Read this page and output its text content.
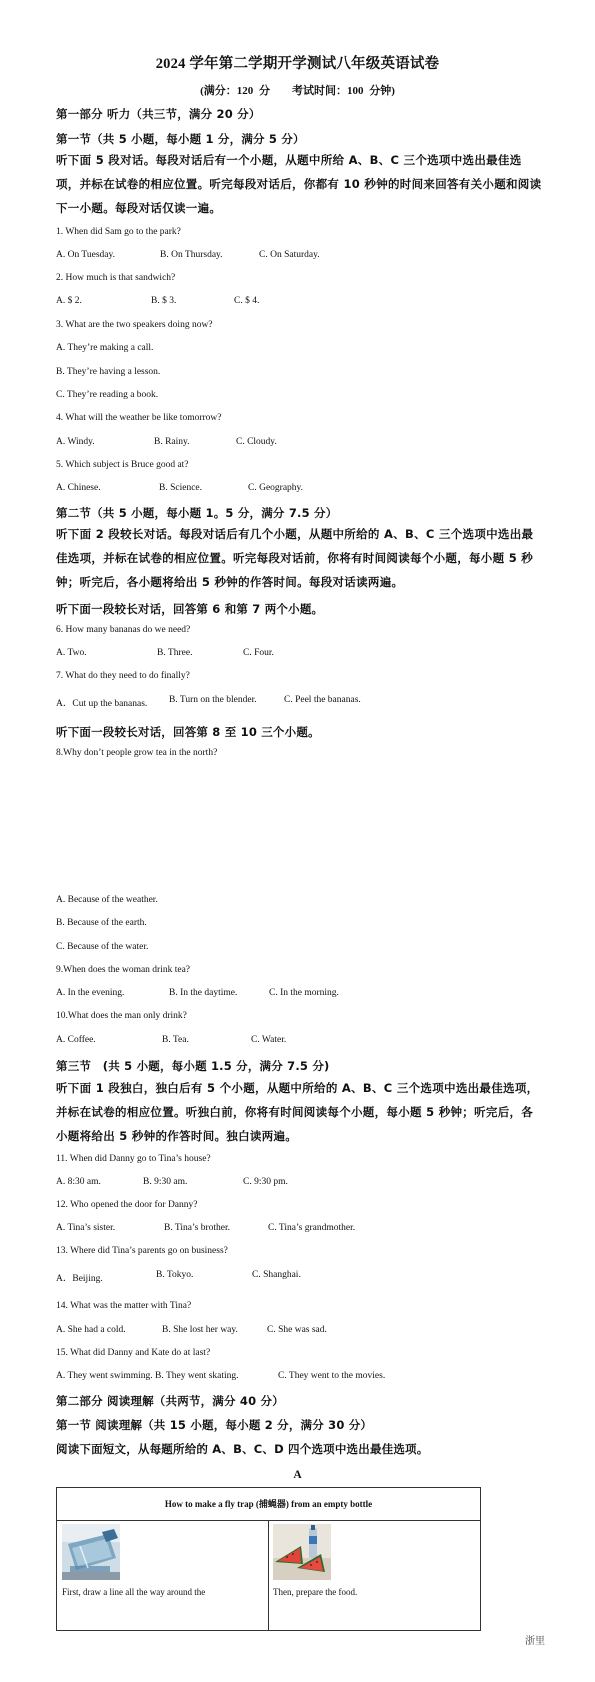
2024 学年第二学期开学测试八年级英语试卷
(满分：120 分　　考试时间：100 分钟)
第一部分 听力（共三节，满分 20 分）
第一节（共 5 小题，每小题 1 分，满分 5 分）
听下面 5 段对话。每段对话后有一个小题，从题中所给 A、B、C 三个选项中选出最佳选项，并标在试卷的相应位置。听完每段对话后，你都有 10 秒钟的时间来回答有关小题和阅读下一小题。每段对话仅读一遍。
1. When did Sam go to the park?
A. On Tuesday.	B. On Thursday.	C. On Saturday.
2. How much is that sandwich?
A. $ 2.	B. $ 3.	C. $ 4.
3. What are the two speakers doing now?
A. They’re making a call.
B. They’re having a lesson.
C. They’re reading a book.
4. What will the weather be like tomorrow?
A. Windy.	B. Rainy.	C. Cloudy.
5. Which subject is Bruce good at?
A. Chinese.	B. Science.	C. Geography.
第二节（共 5 小题，每小题 1。5 分，满分 7.5 分）
听下面 2 段较长对话。每段对话后有几个小题，从题中所给的 A、B、C 三个选项中选出最佳选项，并标在试卷的相应位置。听完每段对话前，你将有时间阅读每个小题，每小题 5 秒钟；听完后，各小题将给出 5 秒钟的作答时间。每段对话读两遍。
听下面一段较长对话，回答第 6 和第 7 两个小题。
6. How many bananas do we need?
A. Two.	B. Three.	C. Four.
7. What do they need to do finally?
A．Cut up the bananas. B. Turn on the blender.	C. Peel the bananas.
听下面一段较长对话，回答第 8 至 10 三个小题。
8.Why don’t people grow tea in the north?
A. Because of the weather.
B. Because of the earth.
C. Because of the water.
9.When does the woman drink tea?
A. In the evening.	B. In the daytime.	C. In the morning.
10.What does the man only drink?
A. Coffee.	B. Tea.	C. Water.
第三节　(共 5 小题，每小题 1.5 分，满分 7.5 分)
听下面 1 段独白，独白后有 5 个小题，从题中所给的 A、B、C 三个选项中选出最佳选项，并标在试卷的相应位置。听独白前，你将有时间阅读每个小题，每小题 5 秒钟；听完后，各小题将给出 5 秒钟的作答时间。独白读两遍。
11. When did Danny go to Tina’s house?
A. 8:30 am.	B. 9:30 am.	C. 9:30 pm.
12. Who opened the door for Danny?
A. Tina’s sister.	B. Tina’s brother.	C. Tina’s grandmother.
13. Where did Tina’s parents go on business?
A．Beijing.	B. Tokyo.	C. Shanghai.
14. What was the matter with Tina?
A. She had a cold.	B. She lost her way.	C. She was sad.
15. What did Danny and Kate do at last?
A. They went swimming. B. They went skating.	C. They went to the movies.
第二部分 阅读理解（共两节，满分 40 分）
第一节 阅读理解（共 15 小题，每小题 2 分，满分 30 分）
阅读下面短文，从每题所给的 A、B、C、D 四个选项中选出最佳选项。
A
How to make a fly trap (捕蝇器) from an empty bottle
First, draw a line all the way around the	Then, prepare the food.
浙里
